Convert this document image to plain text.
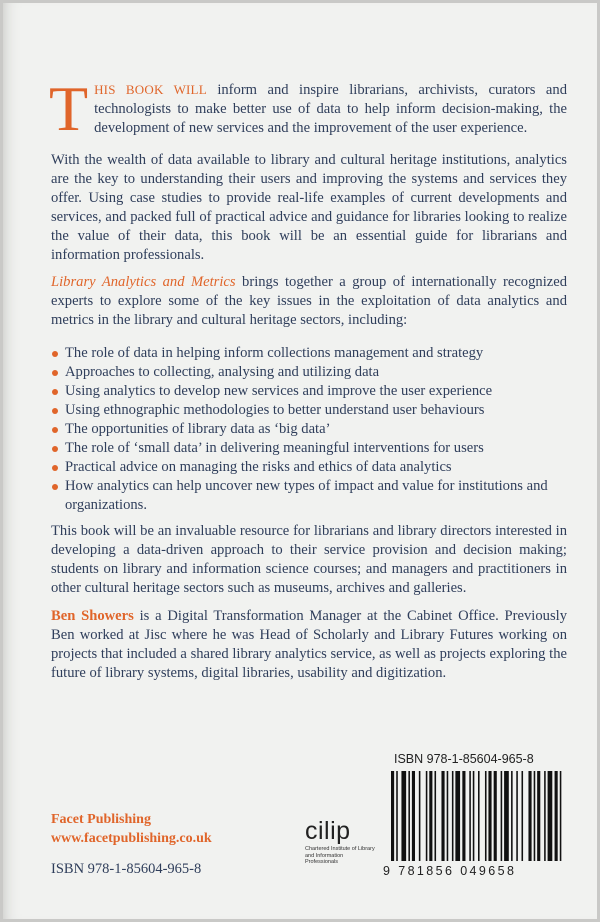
THIS BOOK WILL inform and inspire librarians, archivists, curators and technologists to make better use of data to help inform decision-making, the development of new services and the improvement of the user experience.

With the wealth of data available to library and cultural heritage institutions, analytics are the key to understanding their users and improving the systems and services they offer. Using case studies to provide real-life examples of current developments and services, and packed full of practical advice and guidance for libraries looking to realize the value of their data, this book will be an essential guide for librarians and information professionals.

Library Analytics and Metrics brings together a group of internationally recognized experts to explore some of the key issues in the exploitation of data analytics and metrics in the library and cultural heritage sectors, including:

The role of data in helping inform collections management and strategy
Approaches to collecting, analysing and utilizing data
Using analytics to develop new services and improve the user experience
Using ethnographic methodologies to better understand user behaviours
The opportunities of library data as ‘big data’
The role of ‘small data’ in delivering meaningful interventions for users
Practical advice on managing the risks and ethics of data analytics
How analytics can help uncover new types of impact and value for institutions and organizations.

This book will be an invaluable resource for librarians and library directors interested in developing a data-driven approach to their service provision and decision making; students on library and information science courses; and managers and practitioners in other cultural heritage sectors such as museums, archives and galleries.

Ben Showers is a Digital Transformation Manager at the Cabinet Office. Previously Ben worked at Jisc where he was Head of Scholarly and Library Futures working on projects that included a shared library analytics service, as well as projects exploring the future of library systems, digital libraries, usability and digitization.

ISBN 978-1-85604-965-8
9 781856 049658
Facet Publishing
www.facetpublishing.co.uk	cilip
Chartered Institute of Library and Information Professionals
ISBN 978-1-85604-965-8
